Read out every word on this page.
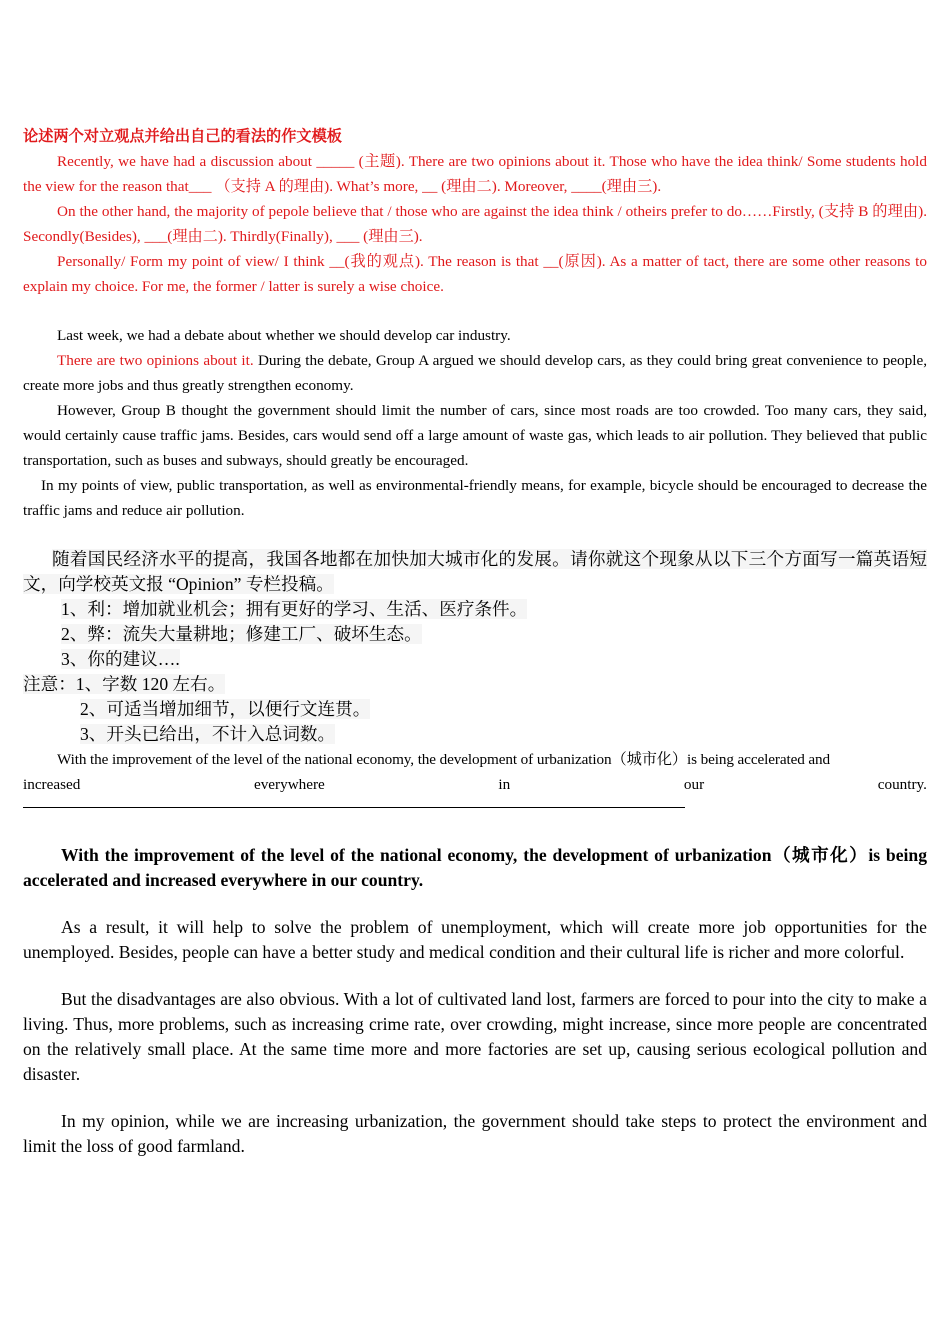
论述两个对立观点并给出自己的看法的作文模板

Recently, we have had a discussion about _____ (主题). There are two opinions about it. Those who have the idea think/ Some students hold the view for the reason that___ （支持 A 的理由). What’s more, __ (理由二). Moreover, ____(理由三).

On the other hand, the majority of pepole believe that / those who are against the idea think / otheirs prefer to do……Firstly, (支持 B 的理由). Secondly(Besides), ___(理由二). Thirdly(Finally), ___ (理由三).

Personally/ Form my point of view/ I think __(我的观点). The reason is that __(原因). As a matter of tact, there are some other reasons to explain my choice. For me, the former / latter is surely a wise choice.

Last week, we had a debate about whether we should develop car industry.

There are two opinions about it. During the debate, Group A argued we should develop cars, as they could bring great convenience to people, create more jobs and thus greatly strengthen economy.

However, Group B thought the government should limit the number of cars, since most roads are too crowded. Too many cars, they said, would certainly cause traffic jams. Besides, cars would send off a large amount of waste gas, which leads to air pollution. They believed that public transportation, such as buses and subways, should greatly be encouraged.

In my points of view, public transportation, as well as environmental-friendly means, for example, bicycle should be encouraged to decrease the traffic jams and reduce air pollution.

随着国民经济水平的提高，我国各地都在加快加大城市化的发展。请你就这个现象从以下三个方面写一篇英语短文，向学校英文报 “Opinion” 专栏投稿。

1、利：增加就业机会；拥有更好的学习、生活、医疗条件。

2、弊：流失大量耕地；修建工厂、破坏生态。

3、你的建议….

注意：1、字数 120 左右。

2、可适当增加细节，以便行文连贯。

3、开头已给出，不计入总词数。

With the improvement of the level of the national economy, the development of urbanization（城市化）is being accelerated and

increased	everywhere	in	our	country.

With the improvement of the level of the national economy, the development of urbanization（城市化）is being accelerated and increased everywhere in our country.

As a result, it will help to solve the problem of unemployment, which will create more job opportunities for the unemployed. Besides, people can have a better study and medical condition and their cultural life is richer and more colorful.

But the disadvantages are also obvious. With a lot of cultivated land lost, farmers are forced to pour into the city to make a living. Thus, more problems, such as increasing crime rate, over crowding, might increase, since more people are concentrated on the relatively small place. At the same time more and more factories are set up, causing serious ecological pollution and disaster.

In my opinion, while we are increasing urbanization, the government should take steps to protect the environment and limit the loss of good farmland.
